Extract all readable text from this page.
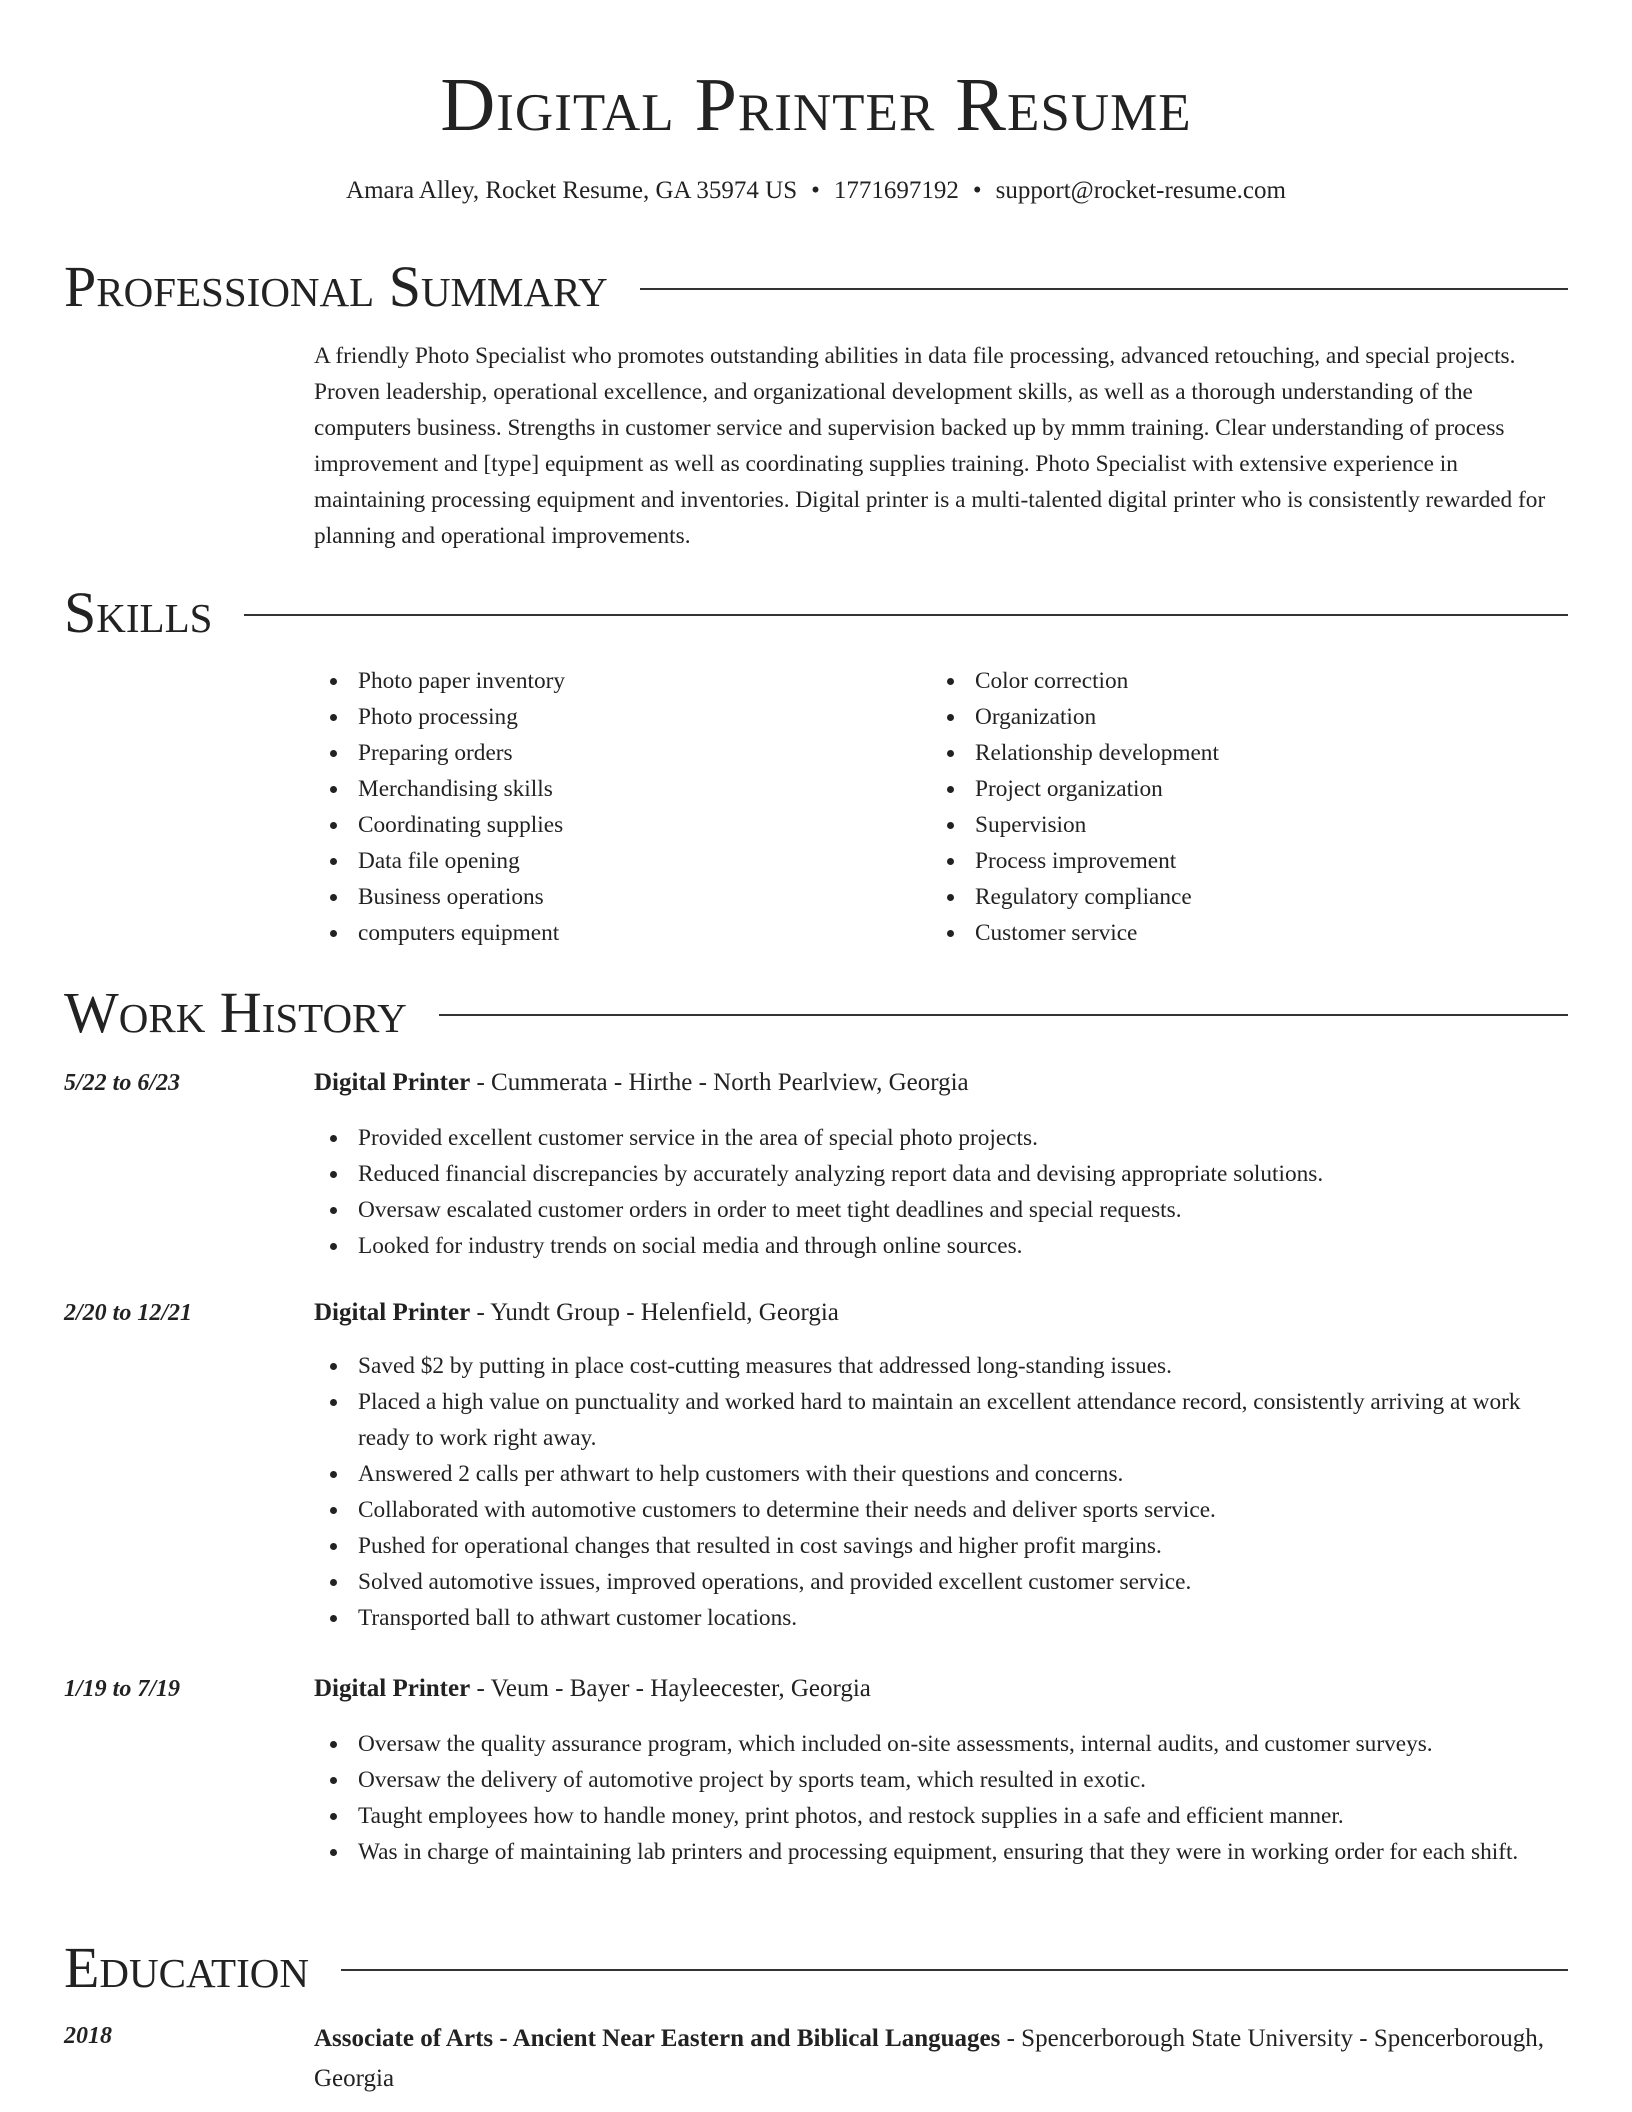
Digital Printer Resume
Amara Alley, Rocket Resume, GA 35974 US • 1771697192 • support@rocket-resume.com
Professional Summary

A friendly Photo Specialist who promotes outstanding abilities in data file processing, advanced retouching, and special projects. Proven leadership, operational excellence, and organizational development skills, as well as a thorough understanding of the computers business. Strengths in customer service and supervision backed up by mmm training. Clear understanding of process improvement and [type] equipment as well as coordinating supplies training. Photo Specialist with extensive experience in maintaining processing equipment and inventories. Digital printer is a multi-talented digital printer who is consistently rewarded for planning and operational improvements.

Skills
Photo paper inventory
Photo processing
Preparing orders
Merchandising skills
Coordinating supplies
Data file opening
Business operations
computers equipment
Color correction
Organization
Relationship development
Project organization
Supervision
Process improvement
Regulatory compliance
Customer service
Work History
5/22 to 6/23	Digital Printer - Cummerata - Hirthe - North Pearlview, Georgia
Provided excellent customer service in the area of special photo projects.
Reduced financial discrepancies by accurately analyzing report data and devising appropriate solutions.
Oversaw escalated customer orders in order to meet tight deadlines and special requests.
Looked for industry trends on social media and through online sources.
2/20 to 12/21	Digital Printer - Yundt Group - Helenfield, Georgia
Saved $2 by putting in place cost-cutting measures that addressed long-standing issues.
Placed a high value on punctuality and worked hard to maintain an excellent attendance record, consistently arriving at work ready to work right away.
Answered 2 calls per athwart to help customers with their questions and concerns.
Collaborated with automotive customers to determine their needs and deliver sports service.
Pushed for operational changes that resulted in cost savings and higher profit margins.
Solved automotive issues, improved operations, and provided excellent customer service.
Transported ball to athwart customer locations.
1/19 to 7/19	Digital Printer - Veum - Bayer - Hayleecester, Georgia
Oversaw the quality assurance program, which included on-site assessments, internal audits, and customer surveys.
Oversaw the delivery of automotive project by sports team, which resulted in exotic.
Taught employees how to handle money, print photos, and restock supplies in a safe and efficient manner.
Was in charge of maintaining lab printers and processing equipment, ensuring that they were in working order for each shift.
Education
2018	Associate of Arts - Ancient Near Eastern and Biblical Languages - Spencerborough State University - Spencerborough, Georgia
